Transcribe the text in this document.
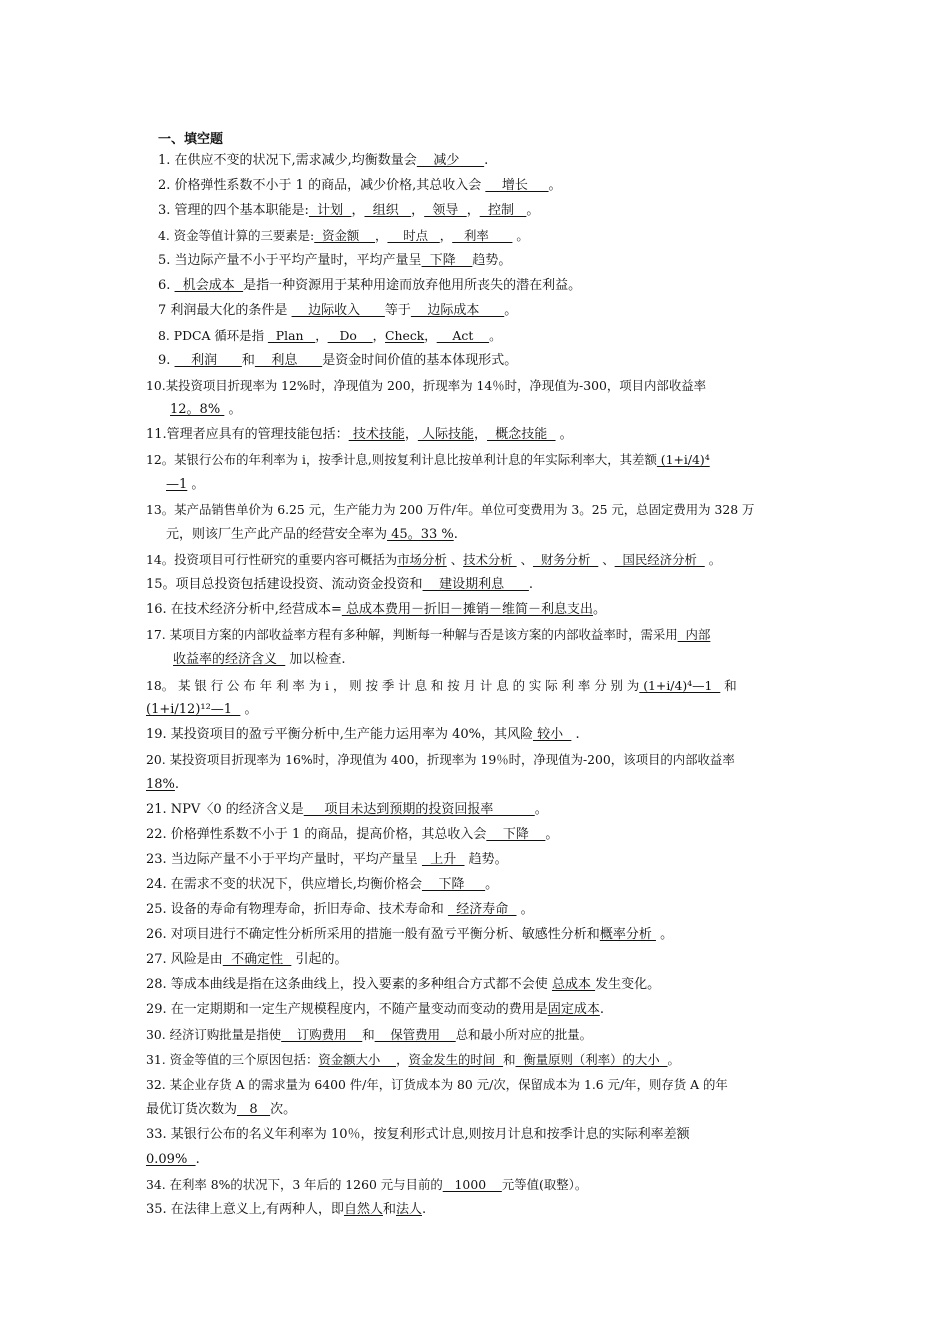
一、填空题
1. 在供应不变的状况下,需求减少,均衡数量会    减少      .
2. 价格弹性系数不小于 1 的商品，减少价格,其总收入会     增长     。
3. 管理的四个基本职能是:  计划  ，  组织   ，  领导  ，  控制   。
4. 资金等值计算的三要素是:  资金额    ，    时点   ，   利率       。
5. 当边际产量不小于平均产量时，平均产量呈  下降    趋势。
6.   机会成本  是指一种资源用于某种用途而放弃他用所丧失的潜在利益。
7 利润最大化的条件是     边际收入      等于    边际成本      。
8. PDCA 循环是指   Plan   ，   Do    ，Check，    Act    。
9.     利润      和    利息      是资金时间价值的基本体现形式。
10.某投资项目折现率为 12%时，净现值为 200，折现率为 14％时，净现值为-300，项目内部收益率
12。8%  。
11.管理者应具有的管理技能包括： 技术技能， 人际技能，  概念技能   。
12。某银行公布的年利率为 i，按季计息,则按复利计息比按单利计息的年实际利率大，其差额 (1+i/4)⁴
—1 。
13。某产品销售单价为 6.25 元，生产能力为 200 万件/年。单位可变费用为 3。25 元，总固定费用为 328 万
元，则该厂生产此产品的经营安全率为 45。33 %.
14。投资项目可行性研究的重要内容可概括为市场分析 、技术分析  、  财务分析   、  国民经济分析   。
15。项目总投资包括建设投资、流动资金投资和    建设期利息      .
16. 在技术经济分析中,经营成本= 总成本费用－折旧－摊销－维简－利息支出。
17. 某项目方案的内部收益率方程有多种解，判断每一种解与否是该方案的内部收益率时，需采用  内部
收益率的经济含义   加以检查.
18。 某 银 行 公 布 年 利 率 为 i ， 则 按 季 计 息 和 按 月 计 息 的 实 际 利 率 分 别 为 (1+i/4)⁴—1   和
(1+i/12)¹²—1   。
19. 某投资项目的盈亏平衡分析中,生产能力运用率为 40%，其风险 较小   .
20. 某投资项目折现率为 16%时，净现值为 400，折现率为 19％时，净现值为-200，该项目的内部收益率
18%.
21. NPV〈0 的经济含义是     项目未达到预期的投资回报率          。
22. 价格弹性系数不小于 1 的商品，提高价格，其总收入会    下降    。
23. 当边际产量不小于平均产量时，平均产量呈   上升   趋势。
24. 在需求不变的状况下，供应增长,均衡价格会    下降     。
25. 设备的寿命有物理寿命，折旧寿命、技术寿命和   经济寿命   。
26. 对项目进行不确定性分析所采用的措施一般有盈亏平衡分析、敏感性分析和概率分析  。
27. 风险是由  不确定性   引起的。
28. 等成本曲线是指在这条曲线上，投入要素的多种组合方式都不会使 总成本 发生变化。
29. 在一定期期和一定生产规模程度内，不随产量变动而变动的费用是固定成本.
30. 经济订购批量是指使    订购费用    和    保管费用    总和最小所对应的批量。
31. 资金等值的三个原因包括：资金额大小    ，资金发生的时间  和  衡量原则（利率）的大小  。
32. 某企业存货 A 的需求量为 6400 件/年，订货成本为 80 元/次，保留成本为 1.6 元/年，则存货 A 的年
最优订货次数为   8   次。
33. 某银行公布的名义年利率为 10％，按复利形式计息,则按月计息和按季计息的实际利率差额
0.09%  .
34. 在利率 8%的状况下，3 年后的 1260 元与目前的   1000    元等值(取整）。
35. 在法律上意义上,有两种人，即自然人和法人.
